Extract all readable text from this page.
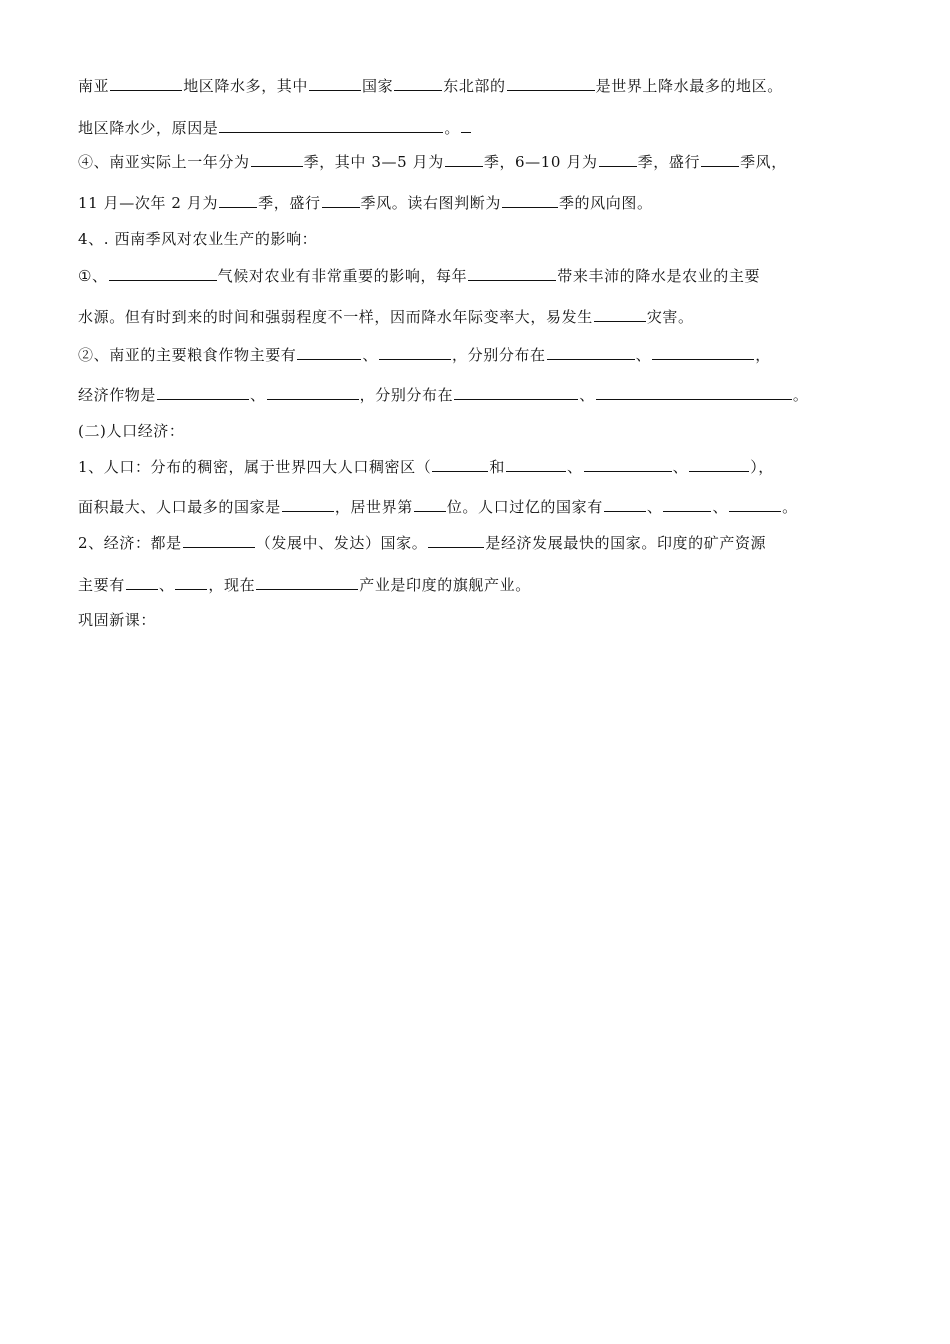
南亚	地区降水多，其中	国家	东北部的	是世界上降水最多的地区。
地区降水少，原因是	。
④、南亚实际上一年分为	季，其中 3—5 月为	季，6—10 月为	季，盛行	季风，
11 月—次年 2 月为	季，盛行	季风。读右图判断为	季的风向图。
4、. 西南季风对农业生产的影响：
①、	气候对农业有非常重要的影响，每年	带来丰沛的降水是农业的主要
水源。但有时到来的时间和强弱程度不一样，因而降水年际变率大，易发生	灾害。
②、南亚的主要粮食作物主要有	、	，分别分布在	、	，
经济作物是	、	，分别分布在	、	。
(二)人口经济：
1、人口：分布的稠密，属于世界四大人口稠密区（	和	、	、	），
面积最大、人口最多的国家是	，居世界第 位。人口过亿的国家有	、	、	。
2、经济：都是	（发展中、发达）国家。	是经济发展最快的国家。印度的矿产资源
主要有 、 ，现在	产业是印度的旗舰产业。
巩固新课：
